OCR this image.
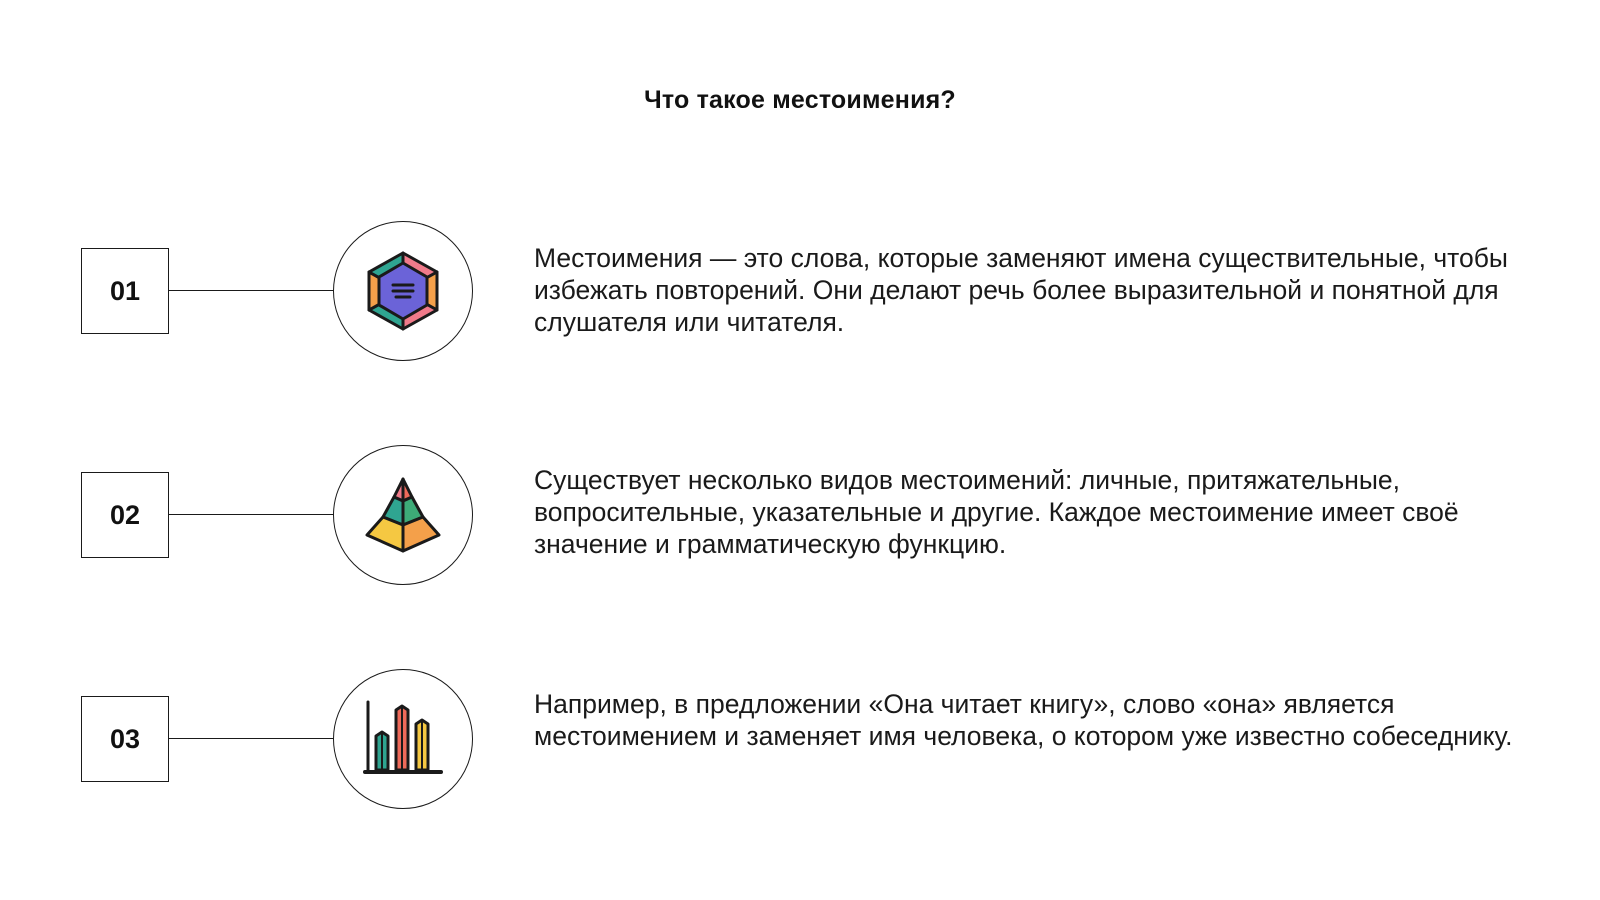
Что такое местоимения?
01
Местоимения — это слова, которые заменяют имена существительные, чтобы избежать повторений. Они делают речь более выразительной и понятной для слушателя или читателя.
02
Существует несколько видов местоимений: личные, притяжательные, вопросительные, указательные и другие. Каждое местоимение имеет своё значение и грамматическую функцию.
03
Например, в предложении «Она читает книгу», слово «она» является местоимением и заменяет имя человека, о котором уже известно собеседнику.
